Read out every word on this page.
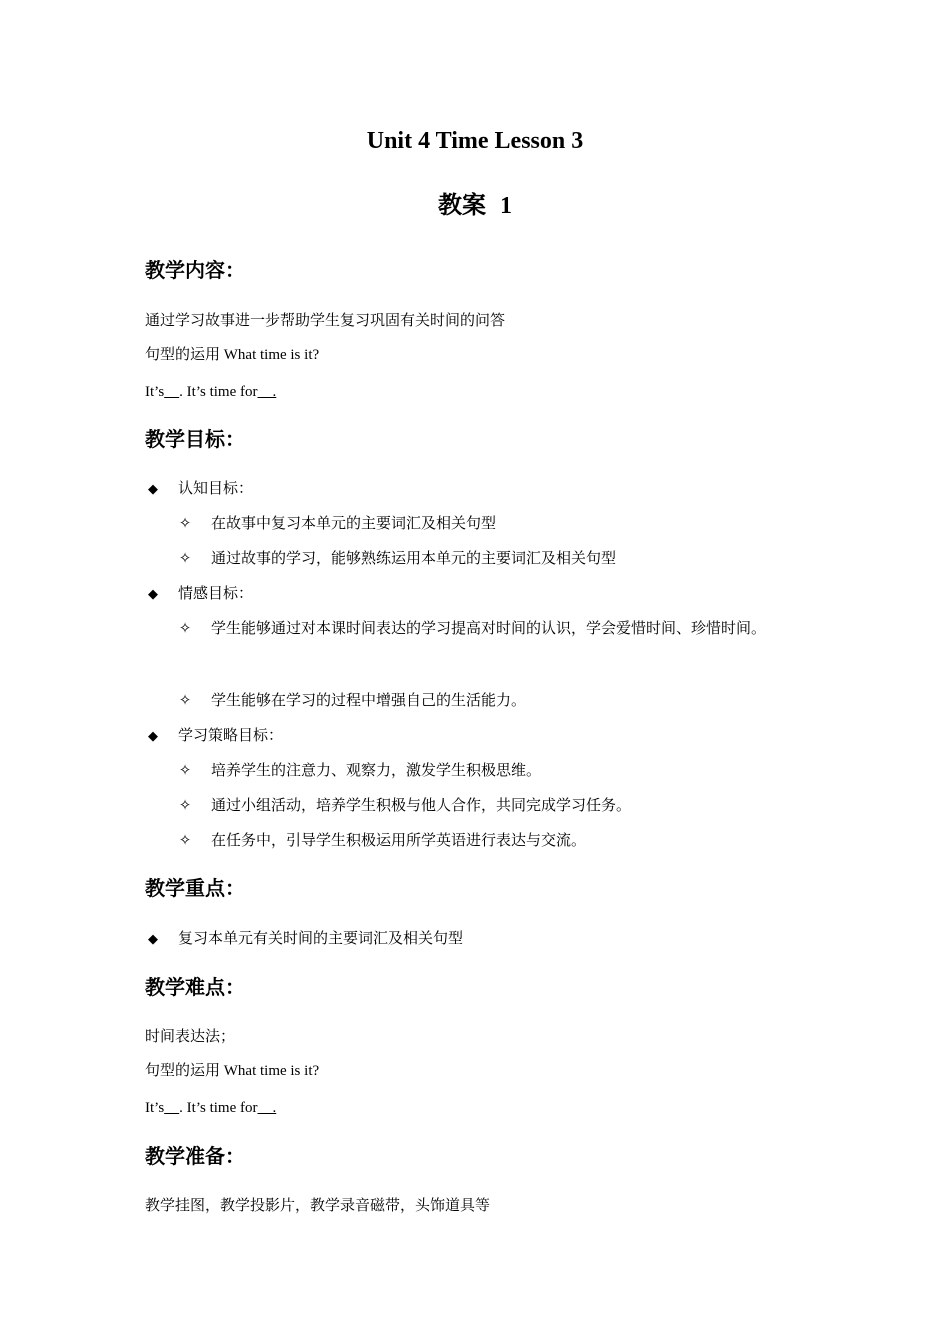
Unit 4 Time Lesson 3
教案 1
教学内容：
通过学习故事进一步帮助学生复习巩固有关时间的问答
句型的运用 What time is it?
It’s   . It’s time for   .
教学目标：
◆ 认知目标：
✧ 在故事中复习本单元的主要词汇及相关句型
✧ 通过故事的学习，能够熟练运用本单元的主要词汇及相关句型
◆ 情感目标：
✧ 学生能够通过对本课时间表达的学习提高对时间的认识，学会爱惜时间、珍惜时间。
✧ 学生能够在学习的过程中增强自己的生活能力。
◆ 学习策略目标：
✧ 培养学生的注意力、观察力，激发学生积极思维。
✧ 通过小组活动，培养学生积极与他人合作，共同完成学习任务。
✧ 在任务中，引导学生积极运用所学英语进行表达与交流。
教学重点：
◆ 复习本单元有关时间的主要词汇及相关句型
教学难点：
时间表达法；
句型的运用 What time is it?
It’s   . It’s time for   .
教学准备：
教学挂图，教学投影片，教学录音磁带，头饰道具等
